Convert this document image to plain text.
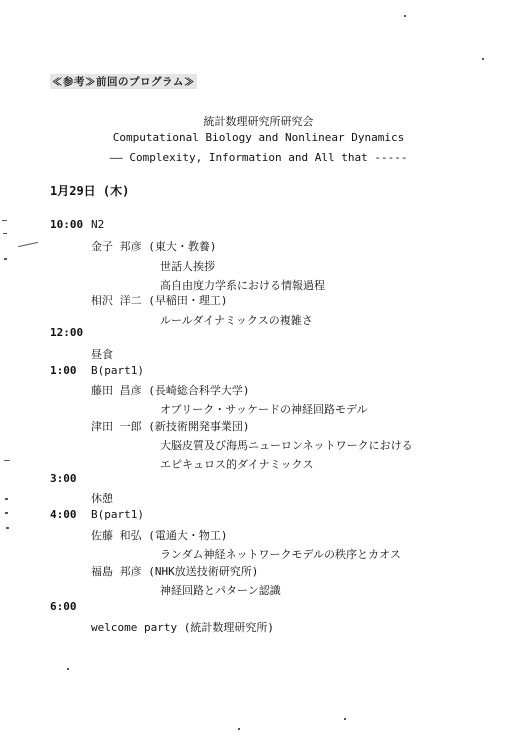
≪参考≫前回のプログラム≫
統計数理研究所研究会
Computational Biology and Nonlinear Dynamics
—— Complexity, Information and All that -----
1月29日 (木)
10:00 N2
金子 邦彦 (東大・教養)
世話人挨拶
高自由度力学系における情報過程
相沢 洋二 (早稲田・理工)
ルールダイナミックスの複雑さ
12:00
昼食
1:00 B(part1)
藤田 昌彦 (長崎総合科学大学)
オブリーク・サッケードの神経回路モデル
津田 一郎 (新技術開発事業団)
大脳皮質及び海馬ニューロンネットワークにおける
エピキュロス的ダイナミックス
3:00
休憩
4:00 B(part1)
佐藤 和弘 (電通大・物工)
ランダム神経ネットワークモデルの秩序とカオス
福島 邦彦 (NHK放送技術研究所)
神経回路とパターン認識
6:00
welcome party (統計数理研究所)
